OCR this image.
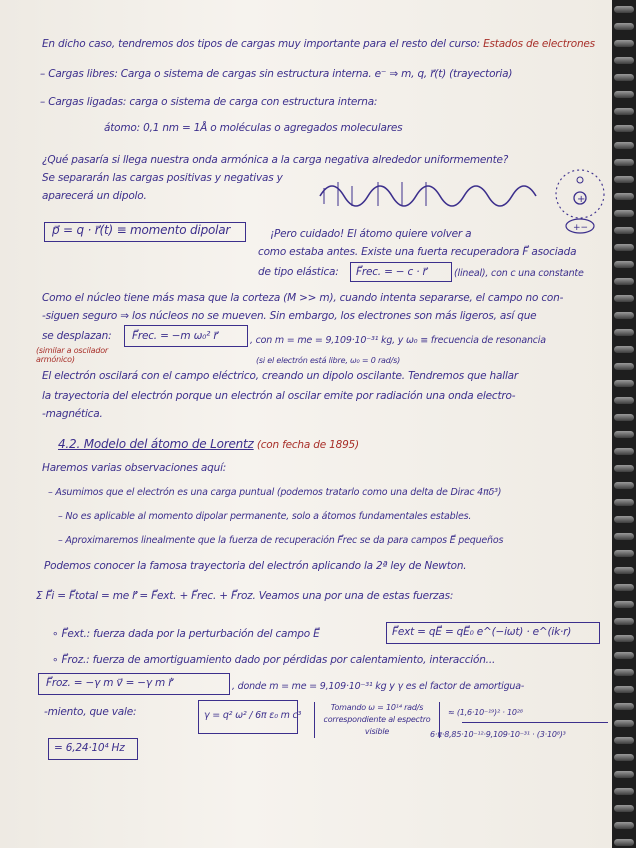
En dicho caso, tendremos dos tipos de cargas muy importante para el resto del curso: Estados de electrones
– Cargas libres: Carga o sistema de cargas sin estructura interna. e⁻ ⇒ m, q, r⃗(t) (trayectoria)
– Cargas ligadas: carga o sistema de carga con estructura interna:
átomo: 0,1 nm = 1Å o moléculas o agregados moleculares
¿Qué pasaría si llega nuestra onda armónica a la carga negativa alrededor uniformemente?
Se separarán las cargas positivas y negativas y
aparecerá un dipolo.	+
+−
p⃗ = q · r⃗(t) ≡ momento dipolar	¡Pero cuidado! El átomo quiere volver a
como estaba antes. Existe una fuerta recuperadora F⃗ asociada
de tipo elástica: F⃗rec. = − c · r⃗	(lineal), con c una constante
Como el núcleo tiene más masa que la corteza (M >> m), cuando intenta separarse, el campo no con-
-siguen seguro ⇒ los núcleos no se mueven. Sin embargo, los electrones son más ligeros, así que
se desplazan: F⃗rec. = −m ω₀² r⃗	, con m = me = 9,109·10⁻³¹ kg, y ω₀ ≡ frecuencia de resonancia
(similar a oscilador armónico)	(si el electrón está libre, ω₀ = 0 rad/s)
El electrón oscilará con el campo eléctrico, creando un dipolo oscilante. Tendremos que hallar
la trayectoria del electrón porque un electrón al oscilar emite por radiación una onda electro-
-magnética.
4.2. Modelo del átomo de Lorentz (con fecha de 1895)
Haremos varias observaciones aquí:
– Asumimos que el electrón es una carga puntual (podemos tratarlo como una delta de Dirac 4πδ³)
– No es aplicable al momento dipolar permanente, solo a átomos fundamentales estables.
– Aproximaremos linealmente que la fuerza de recuperación F⃗rec se da para campos E⃗ pequeños
Podemos conocer la famosa trayectoria del electrón aplicando la 2ª ley de Newton.
Σ F⃗i = F⃗total = me r⃗̈ = F⃗ext. + F⃗rec. + F⃗roz. Veamos una por una de estas fuerzas:
∘ F⃗ext.: fuerza dada por la perturbación del campo E⃗	F⃗ext = qE⃗ = qE⃗₀ e^(−iωt) · e^(ik·r)
∘ F⃗roz.: fuerza de amortiguamiento dado por pérdidas por calentamiento, interacción...
F⃗roz. = −γ m v⃗ = −γ m r⃗̇	, donde m = me = 9,109·10⁻³¹ kg y γ es el factor de amortigua-
-miento, que vale:	γ = q² ω² / 6π ε₀ m c³
Tomando ω = 10¹⁴ rad/s correspondiente al espectro visible
≈ (1,6·10⁻¹⁹)² · 10²⁸
6·π·8,85·10⁻¹²·9,109·10⁻³¹ · (3·10⁸)³
= 6,24·10⁴ Hz
